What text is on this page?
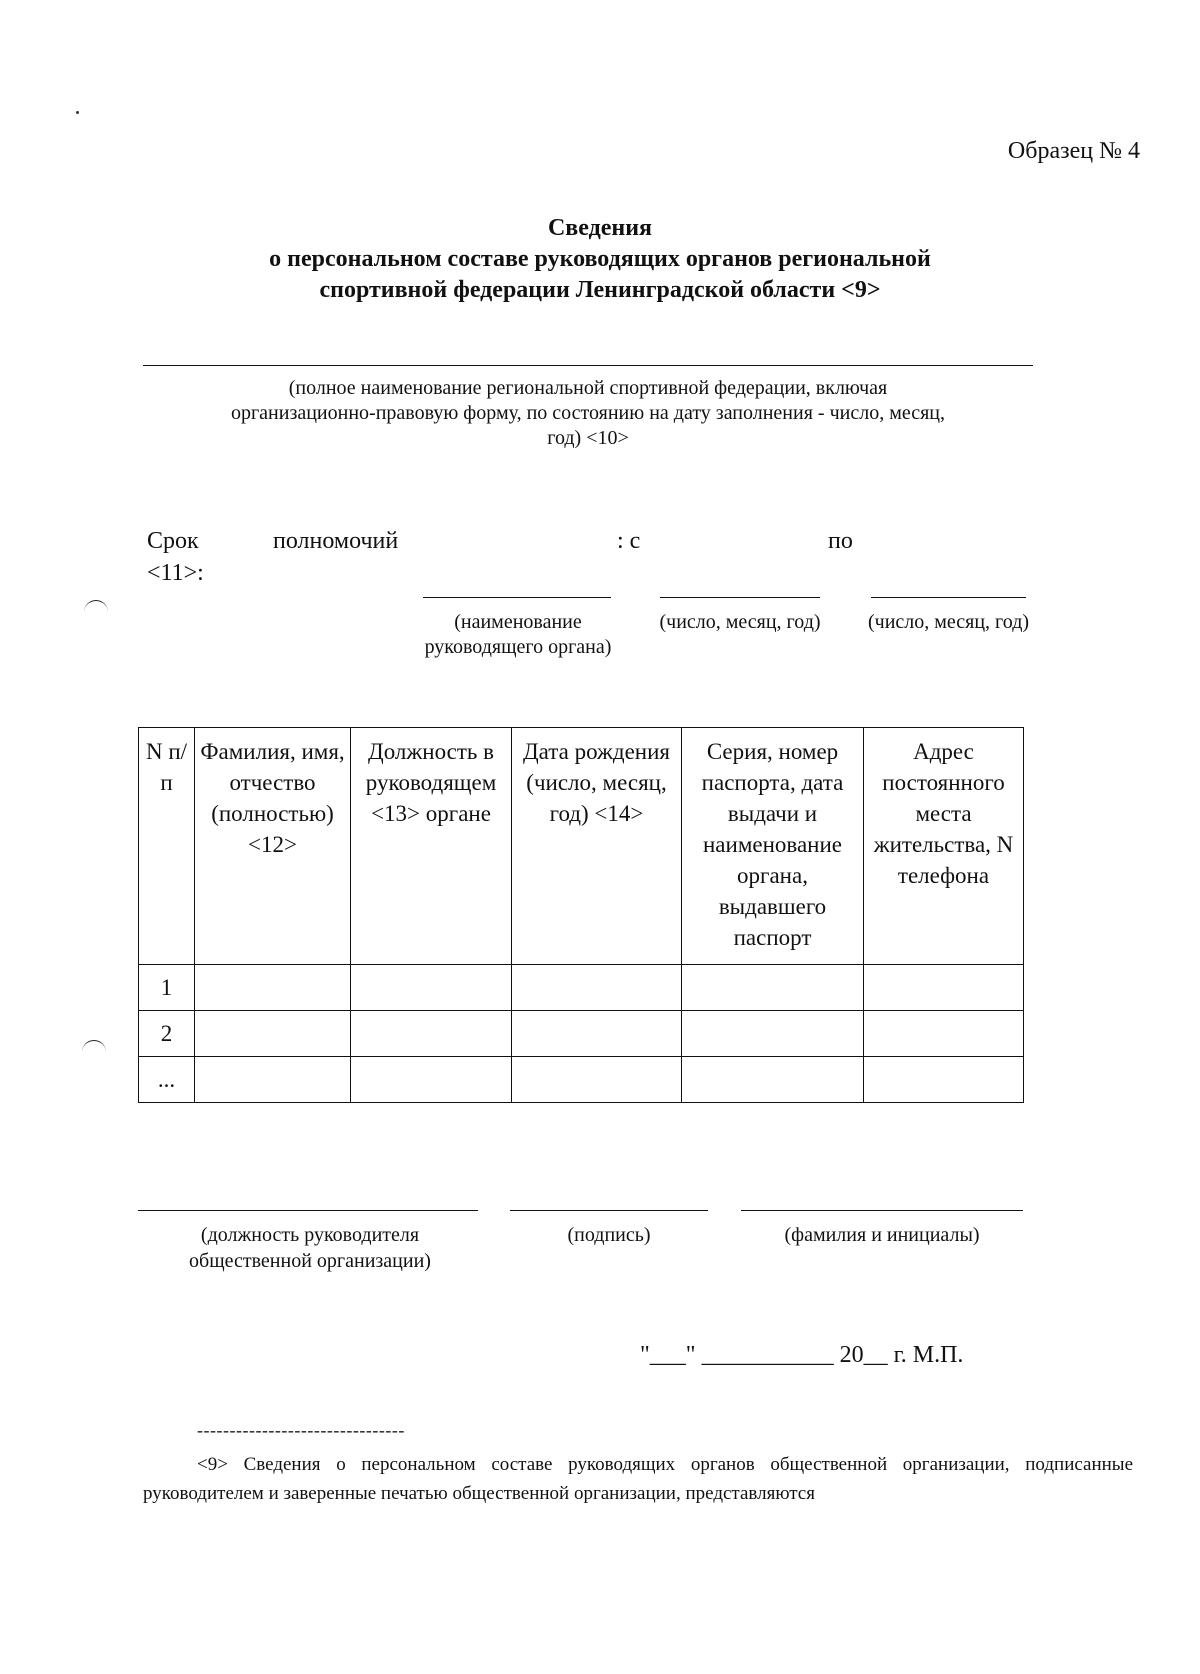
Образец № 4
Сведения
о персональном составе руководящих органов региональной
спортивной федерации Ленинградской области <9>
(полное наименование региональной спортивной федерации, включая
организационно-правовую форму, по состоянию на дату заполнения - число, месяц,
год) <10>
Срок	полномочий
<11>:
: с	по
(наименование руководящего органа)
(число, месяц, год) (число, месяц, год)
N п/п	Фамилия, имя, отчество (полностью) <12>	Должность в руководящем <13> органе	Дата рождения (число, месяц, год) <14>	Серия, номер паспорта, дата выдачи и наименование органа, выдавшего паспорт	Адрес постоянного места жительства, N телефона
1					
2					
...					
(должность руководителя общественной организации)
(подпись)	(фамилия и инициалы)
"___" ___________ 20__ г. М.П.
--------------------------------
<9> Сведения о персональном составе руководящих органов общественной организации, подписанные руководителем и заверенные печатью общественной организации, представляются
